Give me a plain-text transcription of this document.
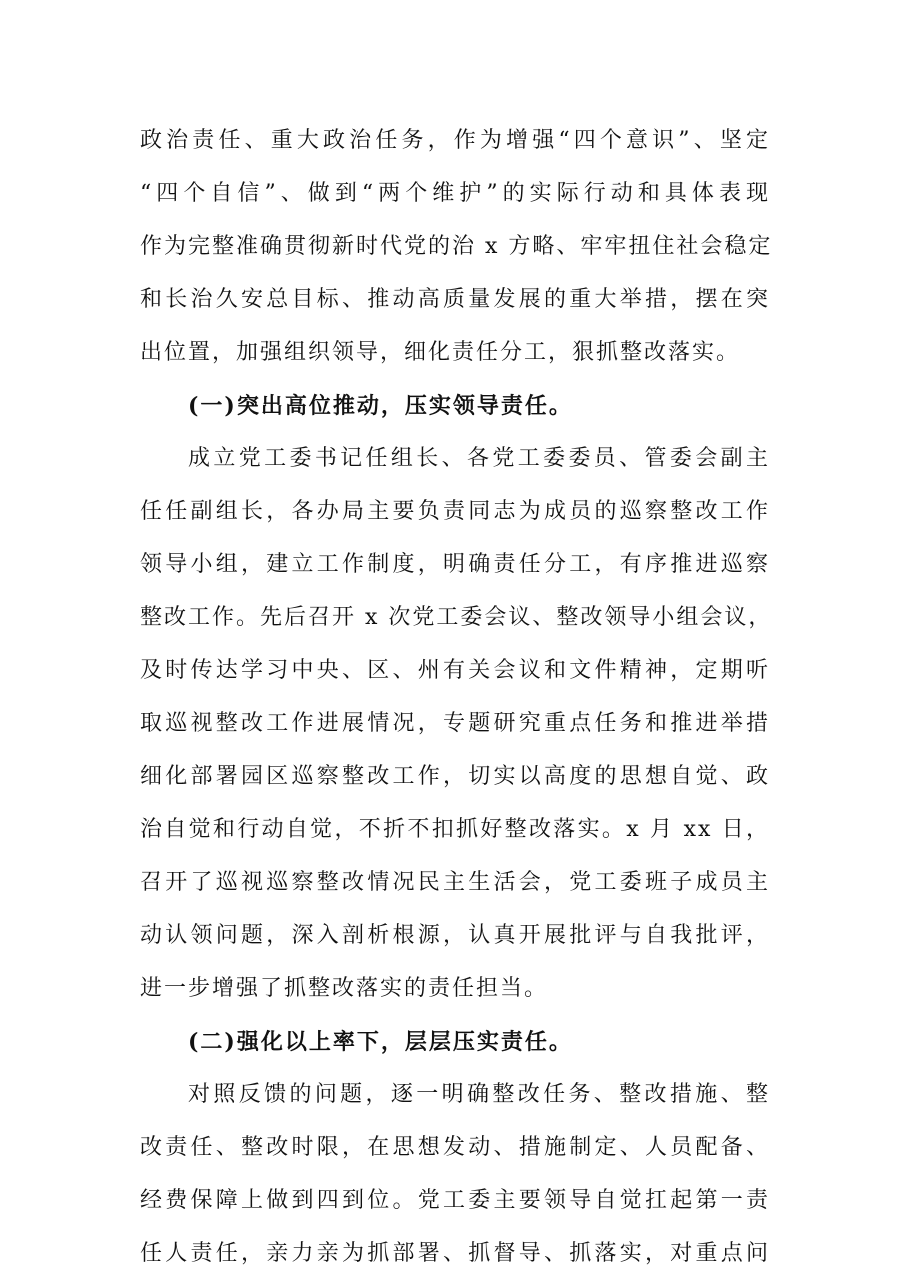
政治责任、重大政治任务，作为增强“四个意识”、坚定
“四个自信”、做到“两个维护”的实际行动和具体表现
作为完整准确贯彻新时代党的治 x 方略、牢牢扭住社会稳定
和长治久安总目标、推动高质量发展的重大举措，摆在突
出位置，加强组织领导，细化责任分工，狠抓整改落实。
(一)突出高位推动，压实领导责任。
成立党工委书记任组长、各党工委委员、管委会副主
任任副组长，各办局主要负责同志为成员的巡察整改工作
领导小组，建立工作制度，明确责任分工，有序推进巡察
整改工作。先后召开 x 次党工委会议、整改领导小组会议，
及时传达学习中央、区、州有关会议和文件精神，定期听
取巡视整改工作进展情况，专题研究重点任务和推进举措
细化部署园区巡察整改工作，切实以高度的思想自觉、政
治自觉和行动自觉，不折不扣抓好整改落实。x 月 xx 日，
召开了巡视巡察整改情况民主生活会，党工委班子成员主
动认领问题，深入剖析根源，认真开展批评与自我批评，
进一步增强了抓整改落实的责任担当。
(二)强化以上率下，层层压实责任。
对照反馈的问题，逐一明确整改任务、整改措施、整
改责任、整改时限，在思想发动、措施制定、人员配备、
经费保障上做到四到位。党工委主要领导自觉扛起第一责
任人责任，亲力亲为抓部署、抓督导、抓落实，对重点问
